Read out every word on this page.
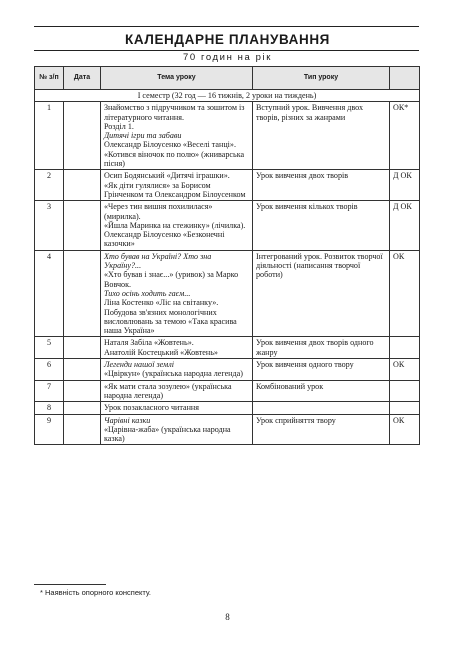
КАЛЕНДАРНЕ ПЛАНУВАННЯ
70 годин на рік
№ з/п	Дата	Тема уроку	Тип уроку	
І семестр (32 год — 16 тижнів, 2 уроки на тиждень)				
1		Знайомство з підручником та зошитом із літературного читання.
Розділ 1.
Дитячі ігри та забави
Олександр Білоусенко «Веселі танці».
«Котився віночок по полю» (жниварська пісня)	Вступний урок. Вивчення двох творів, різних за жанрами	ОК*
2		Осип Бодянський «Дитячі іграшки».
«Як діти гулялися» за Борисом Грінченком та Олександром Білоусенком	Урок вивчення двох творів	Д ОК
3		«Через тин вишня похилилася» (мирилка).
«Йшла Маринка на стежинку» (лічилка).
Олександр Білоусенко «Безконечні казочки»	Урок вивчення кількох творів	Д ОК
4		Хто бував на Україні? Хто зна Україну?...
«Хто бував і знає...» (уривок) за Марко Вовчок.
Тихо осінь ходить гаєм...
Ліна Костенко «Ліс на світанку».
Побудова зв'язних монологічних висловлювань за темою «Така красива наша Україна»	Інтегрований урок. Розвиток творчої діяльності (написання творчої роботи)	ОК
5		Наталя Забіла «Жовтень».
Анатолій Костецький «Жовтень»	Урок вивчення двох творів одного жанру	
6		Легенди нашої землі
«Цвіркун» (українська народна легенда)	Урок вивчення одного твору	ОК
7		«Як мати стала зозулею» (українська народна легенда)	Комбінований урок	
8		Урок позакласного читання		

9		Чарівні казки
«Царівна-жаба» (українська народна казка)	Урок сприйняття твору	ОК
* Наявність опорного конспекту.
8
